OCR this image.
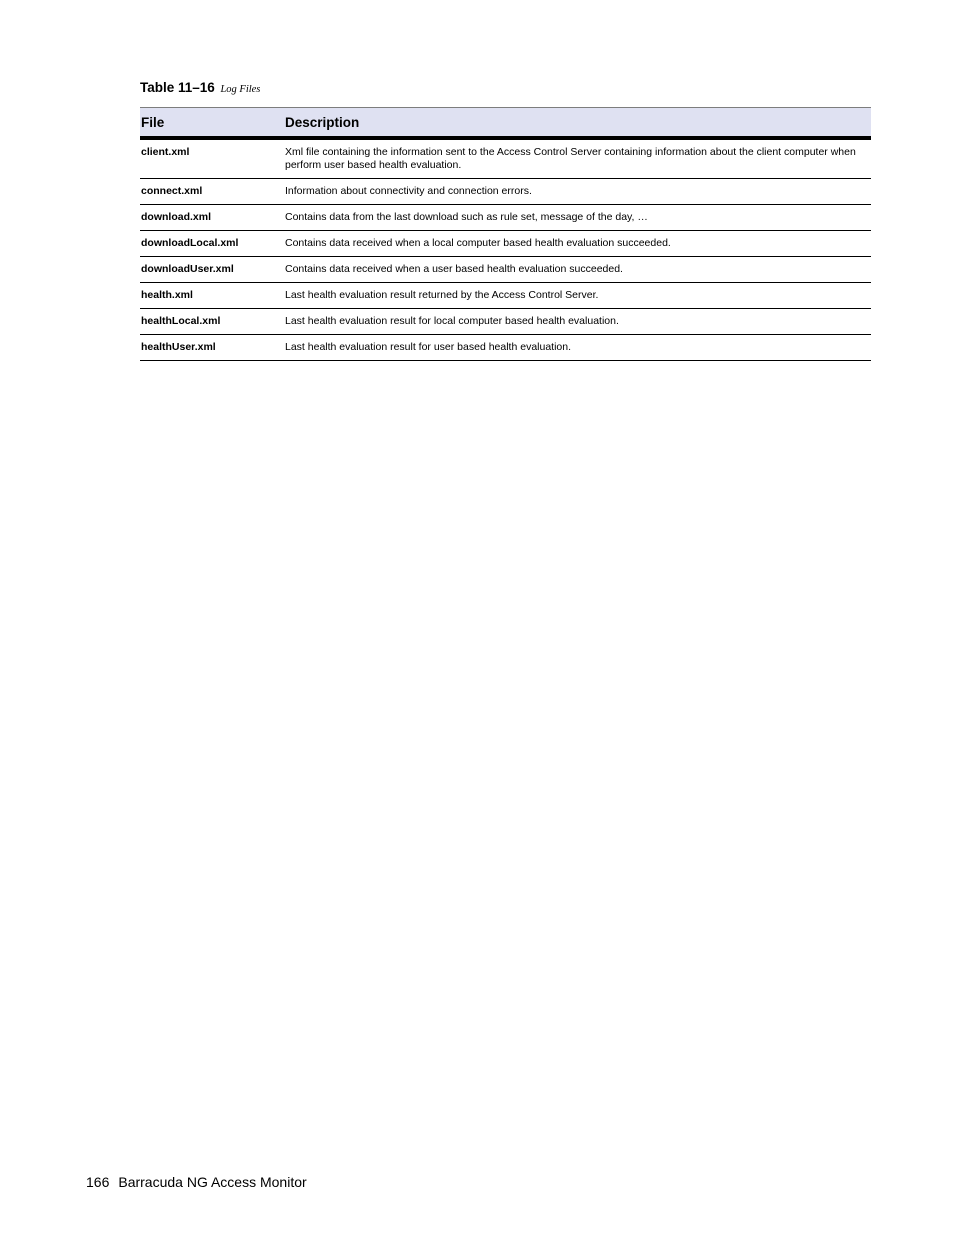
Table 11–16 Log Files
File	Description
client.xml	Xml file containing the information sent to the Access Control Server containing information about the client computer when perform user based health evaluation.
connect.xml	Information about connectivity and connection errors.
download.xml	Contains data from the last download such as rule set, message of the day, …
downloadLocal.xml	Contains data received when a local computer based health evaluation succeeded.
downloadUser.xml	Contains data received when a user based health evaluation succeeded.
health.xml	Last health evaluation result returned by the Access Control Server.
healthLocal.xml	Last health evaluation result for local computer based health evaluation.
healthUser.xml	Last health evaluation result for user based health evaluation.
166 Barracuda NG Access Monitor
